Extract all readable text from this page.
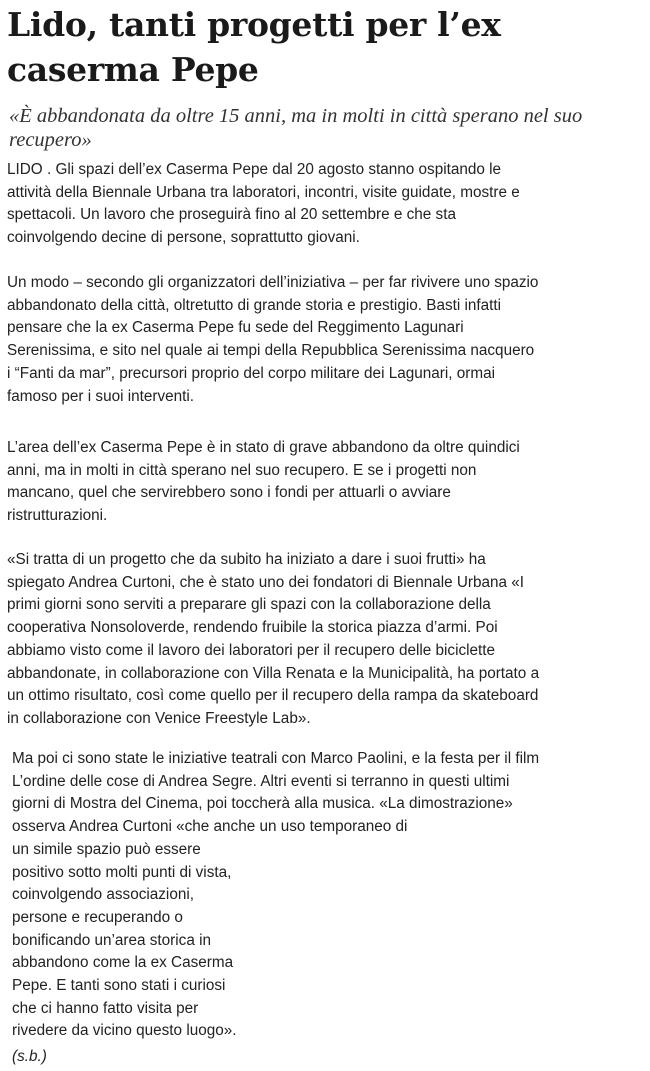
Lido, tanti progetti per l’ex
caserma Pepe

«È abbandonata da oltre 15 anni, ma in molti in città sperano nel suo
recupero»

LIDO . Gli spazi dell’ex Caserma Pepe dal 20 agosto stanno ospitando le
attività della Biennale Urbana tra laboratori, incontri, visite guidate, mostre e
spettacoli. Un lavoro che proseguirà fino al 20 settembre e che sta
coinvolgendo decine di persone, soprattutto giovani.

Un modo – secondo gli organizzatori dell’iniziativa – per far rivivere uno spazio
abbandonato della città, oltretutto di grande storia e prestigio. Basti infatti
pensare che la ex Caserma Pepe fu sede del Reggimento Lagunari
Serenissima, e sito nel quale ai tempi della Repubblica Serenissima nacquero
i “Fanti da mar”, precursori proprio del corpo militare dei Lagunari, ormai
famoso per i suoi interventi.

L’area dell’ex Caserma Pepe è in stato di grave abbandono da oltre quindici
anni, ma in molti in città sperano nel suo recupero. E se i progetti non
mancano, quel che servirebbero sono i fondi per attuarli o avviare
ristrutturazioni.

«Si tratta di un progetto che da subito ha iniziato a dare i suoi frutti» ha
spiegato Andrea Curtoni, che è stato uno dei fondatori di Biennale Urbana «I
primi giorni sono serviti a preparare gli spazi con la collaborazione della
cooperativa Nonsoloverde, rendendo fruibile la storica piazza d’armi. Poi
abbiamo visto come il lavoro dei laboratori per il recupero delle biciclette
abbandonate, in collaborazione con Villa Renata e la Municipalità, ha portato a
un ottimo risultato, così come quello per il recupero della rampa da skateboard
in collaborazione con Venice Freestyle Lab».

Ma poi ci sono state le iniziative teatrali con Marco Paolini, e la festa per il film
L’ordine delle cose di Andrea Segre. Altri eventi si terranno in questi ultimi
giorni di Mostra del Cinema, poi toccherà alla musica. «La dimostrazione»
osserva Andrea Curtoni «che anche un uso temporaneo di
un simile spazio può essere
positivo sotto molti punti di vista,
coinvolgendo associazioni,
persone e recuperando o
bonificando un’area storica in
abbandono come la ex Caserma
Pepe. E tanti sono stati i curiosi
che ci hanno fatto visita per
rivedere da vicino questo luogo».

(s.b.)
